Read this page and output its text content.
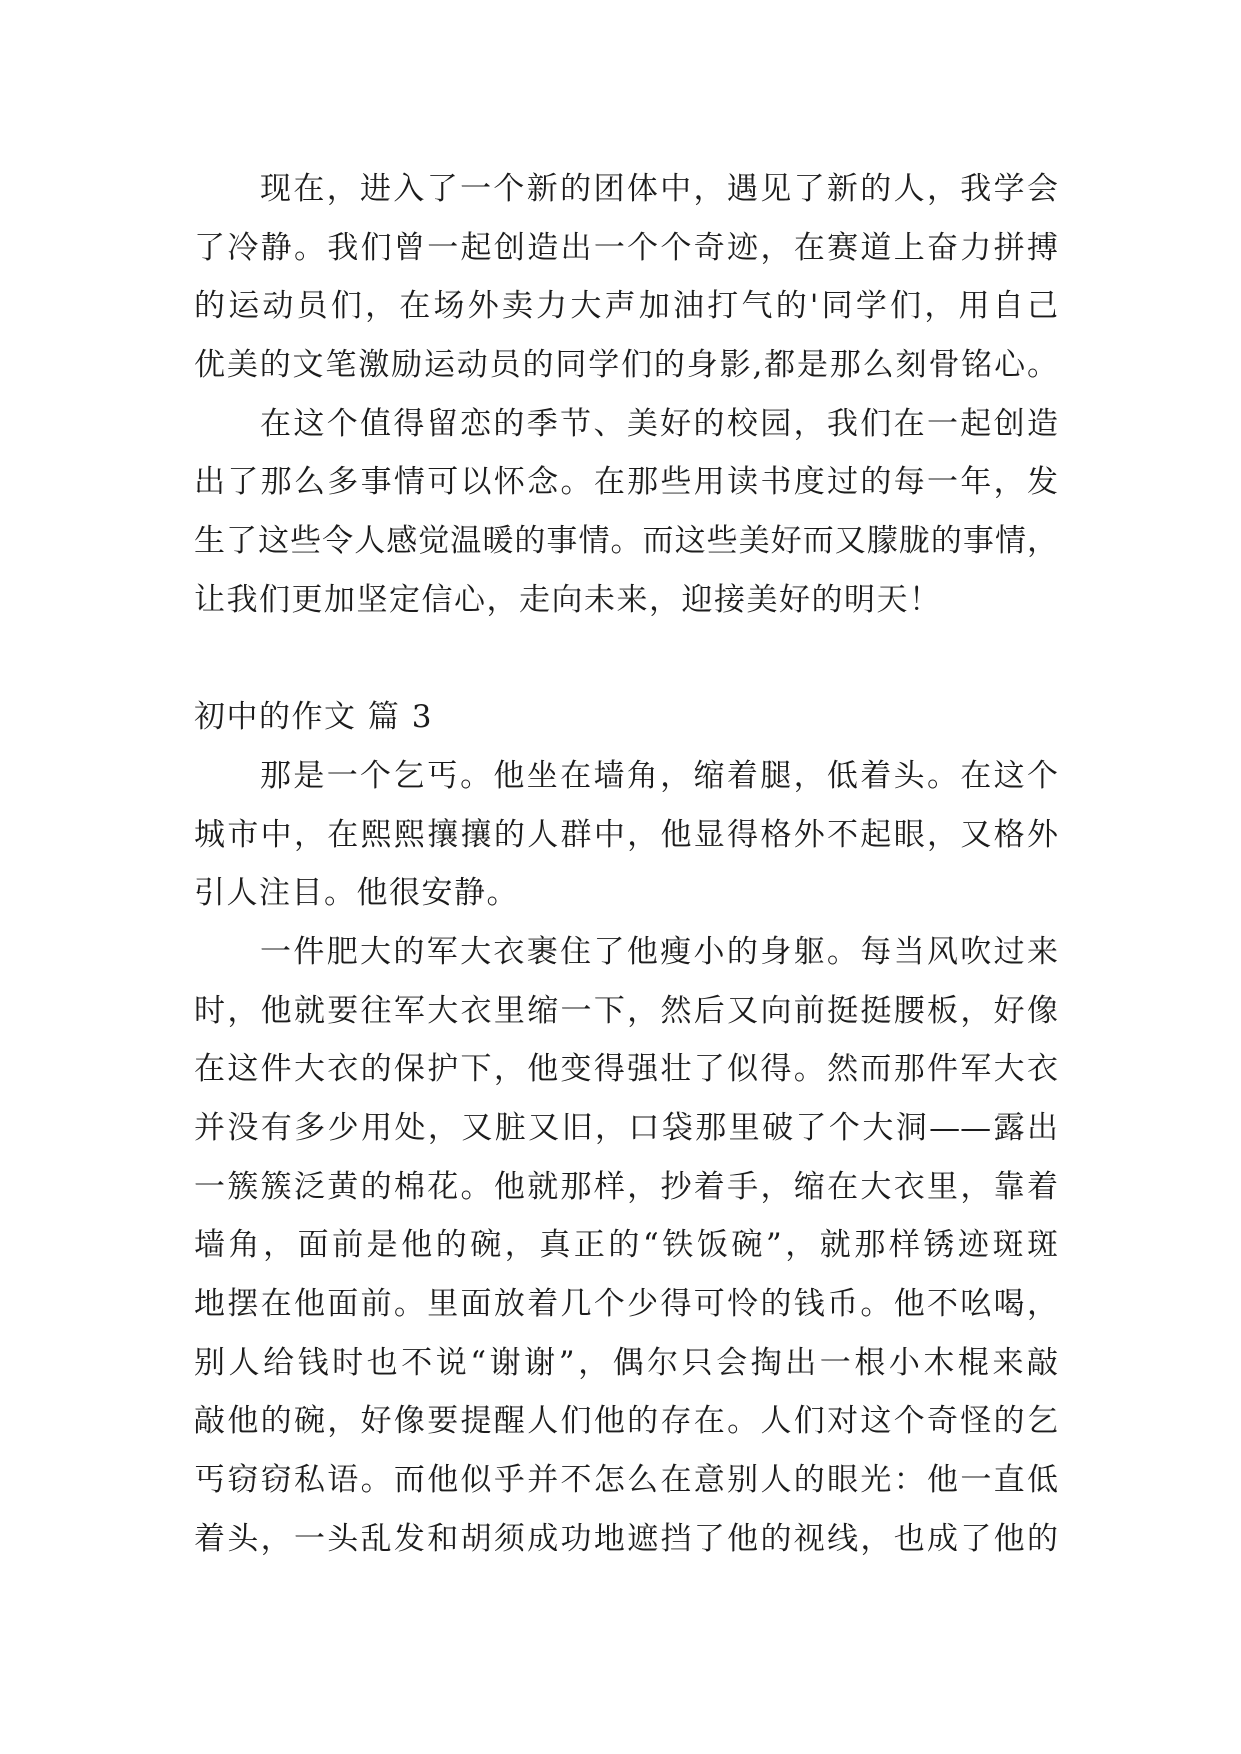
现在，进入了一个新的团体中，遇见了新的人，我学会
了冷静。我们曾一起创造出一个个奇迹，在赛道上奋力拼搏
的运动员们，在场外卖力大声加油打气的'同学们，用自己
优美的文笔激励运动员的同学们的身影,都是那么刻骨铭心。
在这个值得留恋的季节、美好的校园，我们在一起创造
出了那么多事情可以怀念。在那些用读书度过的每一年，发
生了这些令人感觉温暖的事情。而这些美好而又朦胧的事情，
让我们更加坚定信心，走向未来，迎接美好的明天！
初中的作文 篇 3
那是一个乞丐。他坐在墙角，缩着腿，低着头。在这个
城市中，在熙熙攘攘的人群中，他显得格外不起眼，又格外
引人注目。他很安静。
一件肥大的军大衣裹住了他瘦小的身躯。每当风吹过来
时，他就要往军大衣里缩一下，然后又向前挺挺腰板，好像
在这件大衣的保护下，他变得强壮了似得。然而那件军大衣
并没有多少用处，又脏又旧，口袋那里破了个大洞——露出
一簇簇泛黄的棉花。他就那样，抄着手，缩在大衣里，靠着
墙角，面前是他的碗，真正的“铁饭碗”，就那样锈迹斑斑
地摆在他面前。里面放着几个少得可怜的钱币。他不吆喝，
别人给钱时也不说“谢谢”，偶尔只会掏出一根小木棍来敲
敲他的碗，好像要提醒人们他的存在。人们对这个奇怪的乞
丐窃窃私语。而他似乎并不怎么在意别人的眼光：他一直低
着头，一头乱发和胡须成功地遮挡了他的视线，也成了他的
